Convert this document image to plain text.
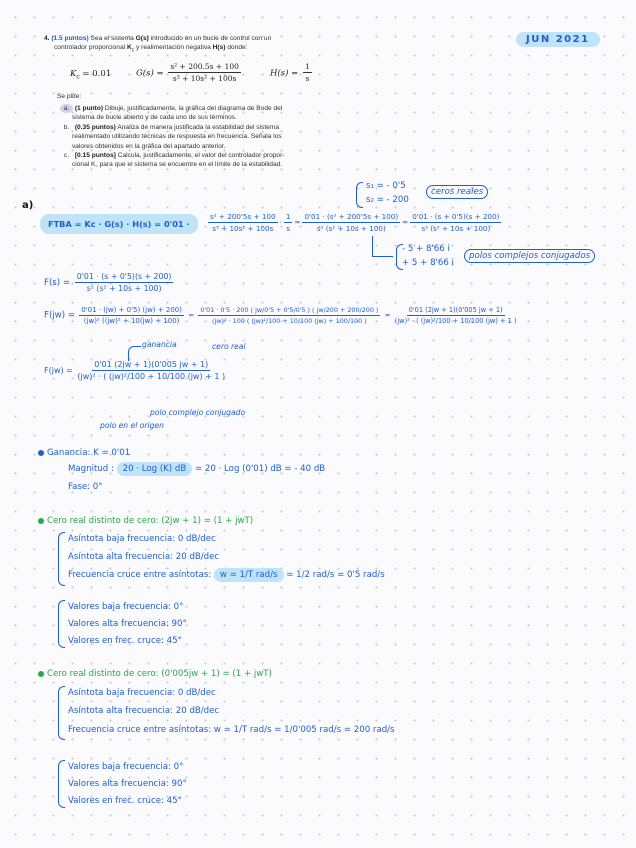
JUN 2021
4. (1.5 puntos) Sea el sistema G(s) introducido en un bucle de control con un
controlador proporcional $K_c$ y realimentación negativa H(s) donde:
$K_c = 0.01$	$G(s) = \frac{\text{s² + 200.5s + 100}}{\text{s³ + 10s² + 100s}}$	$H(s) = \frac{1}{s}$
Se pide:
a. (1 punto) Dibuje, justificadamente, la gráfica del diagrama de Bode del
sistema de bucle abierto y de cada uno de sus términos.
b. (0.35 puntos) Analiza de manera justificada la estabilidad del sistema
realimentado utilizando técnicas de respuesta en frecuencia. Señala los
valores obtenidos en la gráfica del apartado anterior.
c. [0.15 puntos] Calcula, justificadamente, el valor del controlador propor-
cional K꜀ para que el sistema se encuentre en el límite de la estabilidad.
a)
s₁ = - 0'5
s₂ = - 200
ceros reales
FTBA = Kc · G(s) · H(s) = 0'01 ·	$\frac{\text{s² + 200'5s + 100}}{\text{s³ + 10s² + 100s}} \cdot \frac{1}{s} = \frac{\text{0'01 · (s² + 200'5s + 100)}}{\text{s² (s² + 10s + 100)}} = \frac{0'01 \cdot (s + 0'5)(s + 200)}{\text{s² (s² + 10s + 100)}}$
- 5 + 8'66 i
+ 5 + 8'66 i
polos complejos conjugados
$F(s) = \frac{0'01 \cdot (s + 0'5)(s + 200)}{\text{s² (s² + 10s + 100)}}$
$F(jw) = \frac{0'01 \cdot (jw) + 0'5) (jw) + 200)}{\text{(jw)² ((jw)² + 10(jw) + 100)}} = \frac{0'01 \cdot 0'5 \cdot 200 ( jw/0'5 + 0'5/0'5 ) ( jw/200 + 200/200 )}{\text{(jw)² · 100 ( (jw)²/100 + 10/100 (jw) + 100/100 )}} = \frac{0'01 (2jw + 1)(0'005 jw + 1)}{\text{(jw)² · ( (jw)²/100 + 10/100 (jw) + 1 )}}$
ganancia	cero real
$F(jw) = \frac{0'01 (2jw + 1)(0'005 jw + 1)}{\text{(jw)² · ( (jw)²/100 + 10/100 (jw) + 1 )}}$
polo complejo conjugado
polo en el origen
Ganancia: K = 0'01
Magnitud : 20 · Log (K) dB = 20 · Log (0'01) dB = - 40 dB
Fase: 0°
Cero real distinto de cero: (2jw + 1) = (1 + jwT)
Asíntota baja frecuencia: 0 dB/dec
Asíntota alta frecuencia: 20 dB/dec
Frecuencia cruce entre asíntotas: w = 1/T rad/s = 1/2 rad/s = 0'5 rad/s
Valores baja frecuencia: 0°
Valores alta frecuencia: 90°
Valores en frec. cruce: 45°
Cero real distinto de cero: (0'005jw + 1) = (1 + jwT)
Asíntota baja frecuencia: 0 dB/dec
Asíntota alta frecuencia: 20 dB/dec
Frecuencia cruce entre asíntotas: w = 1/T rad/s = 1/0'005 rad/s = 200 rad/s
Valores baja frecuencia: 0°
Valores alta frecuencia: 90°
Valores en frec. cruce: 45°
